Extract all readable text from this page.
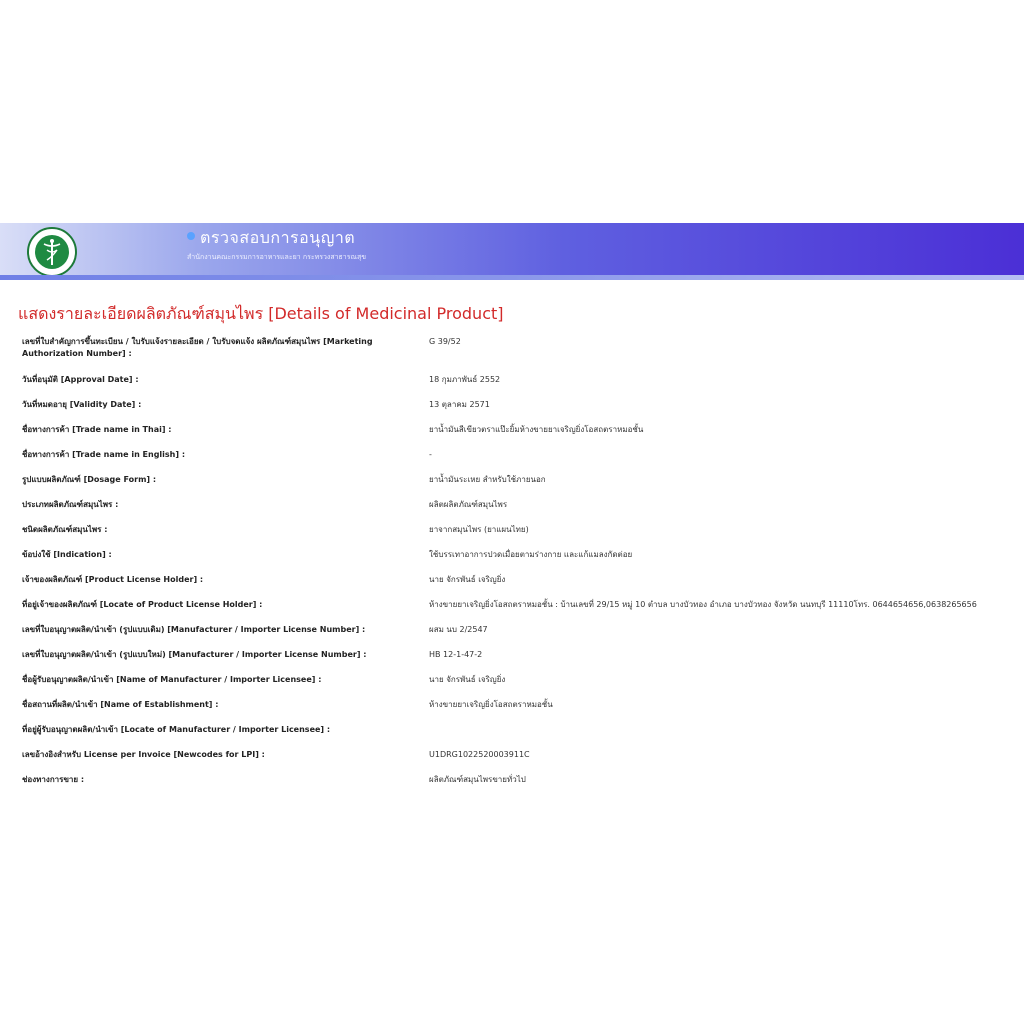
ตรวจสอบการอนุญาต
สำนักงานคณะกรรมการอาหารและยา กระทรวงสาธารณสุข
แสดงรายละเอียดผลิตภัณฑ์สมุนไพร [Details of Medicinal Product]
เลขที่ใบสำคัญการขึ้นทะเบียน / ใบรับแจ้งรายละเอียด / ใบรับจดแจ้ง ผลิตภัณฑ์สมุนไพร [Marketing Authorization Number] :
G 39/52
วันที่อนุมัติ [Approval Date] :	18 กุมภาพันธ์ 2552
วันที่หมดอายุ [Validity Date] :	13 ตุลาคม 2571
ชื่อทางการค้า [Trade name in Thai] :	ยาน้ำมันสีเขียวตราแป๊ะยิ้มห้างขายยาเจริญยิ่งโอสถตราหมอชั้น
ชื่อทางการค้า [Trade name in English] :	-
รูปแบบผลิตภัณฑ์ [Dosage Form] :	ยาน้ำมันระเหย สำหรับใช้ภายนอก
ประเภทผลิตภัณฑ์สมุนไพร :	ผลิตผลิตภัณฑ์สมุนไพร
ชนิดผลิตภัณฑ์สมุนไพร :	ยาจากสมุนไพร (ยาแผนไทย)
ข้อบ่งใช้ [Indication] :	ใช้บรรเทาอาการปวดเมื่อยตามร่างกาย และแก้แมลงกัดต่อย
เจ้าของผลิตภัณฑ์ [Product License Holder] :	นาย จักรพันธ์ เจริญยิ่ง
ที่อยู่เจ้าของผลิตภัณฑ์ [Locate of Product License Holder] :	ห้างขายยาเจริญยิ่งโอสถตราหมอชั้น : บ้านเลขที่ 29/15 หมู่ 10 ตำบล บางบัวทอง อำเภอ บางบัวทอง จังหวัด นนทบุรี 11110โทร. 0644654656,0638265656
เลขที่ใบอนุญาตผลิต/นำเข้า (รูปแบบเดิม) [Manufacturer / Importer License Number] :	ผสม นบ 2/2547
เลขที่ใบอนุญาตผลิต/นำเข้า (รูปแบบใหม่) [Manufacturer / Importer License Number] :	HB 12-1-47-2
ชื่อผู้รับอนุญาตผลิต/นำเข้า [Name of Manufacturer / Importer Licensee] :	นาย จักรพันธ์ เจริญยิ่ง
ชื่อสถานที่ผลิต/นำเข้า [Name of Establishment] :	ห้างขายยาเจริญยิ่งโอสถตราหมอชั้น
ที่อยู่ผู้รับอนุญาตผลิต/นำเข้า [Locate of Manufacturer / Importer Licensee] :
เลขอ้างอิงสำหรับ License per Invoice [Newcodes for LPI] :	U1DRG1022520003911C
ช่องทางการขาย :	ผลิตภัณฑ์สมุนไพรขายทั่วไป
